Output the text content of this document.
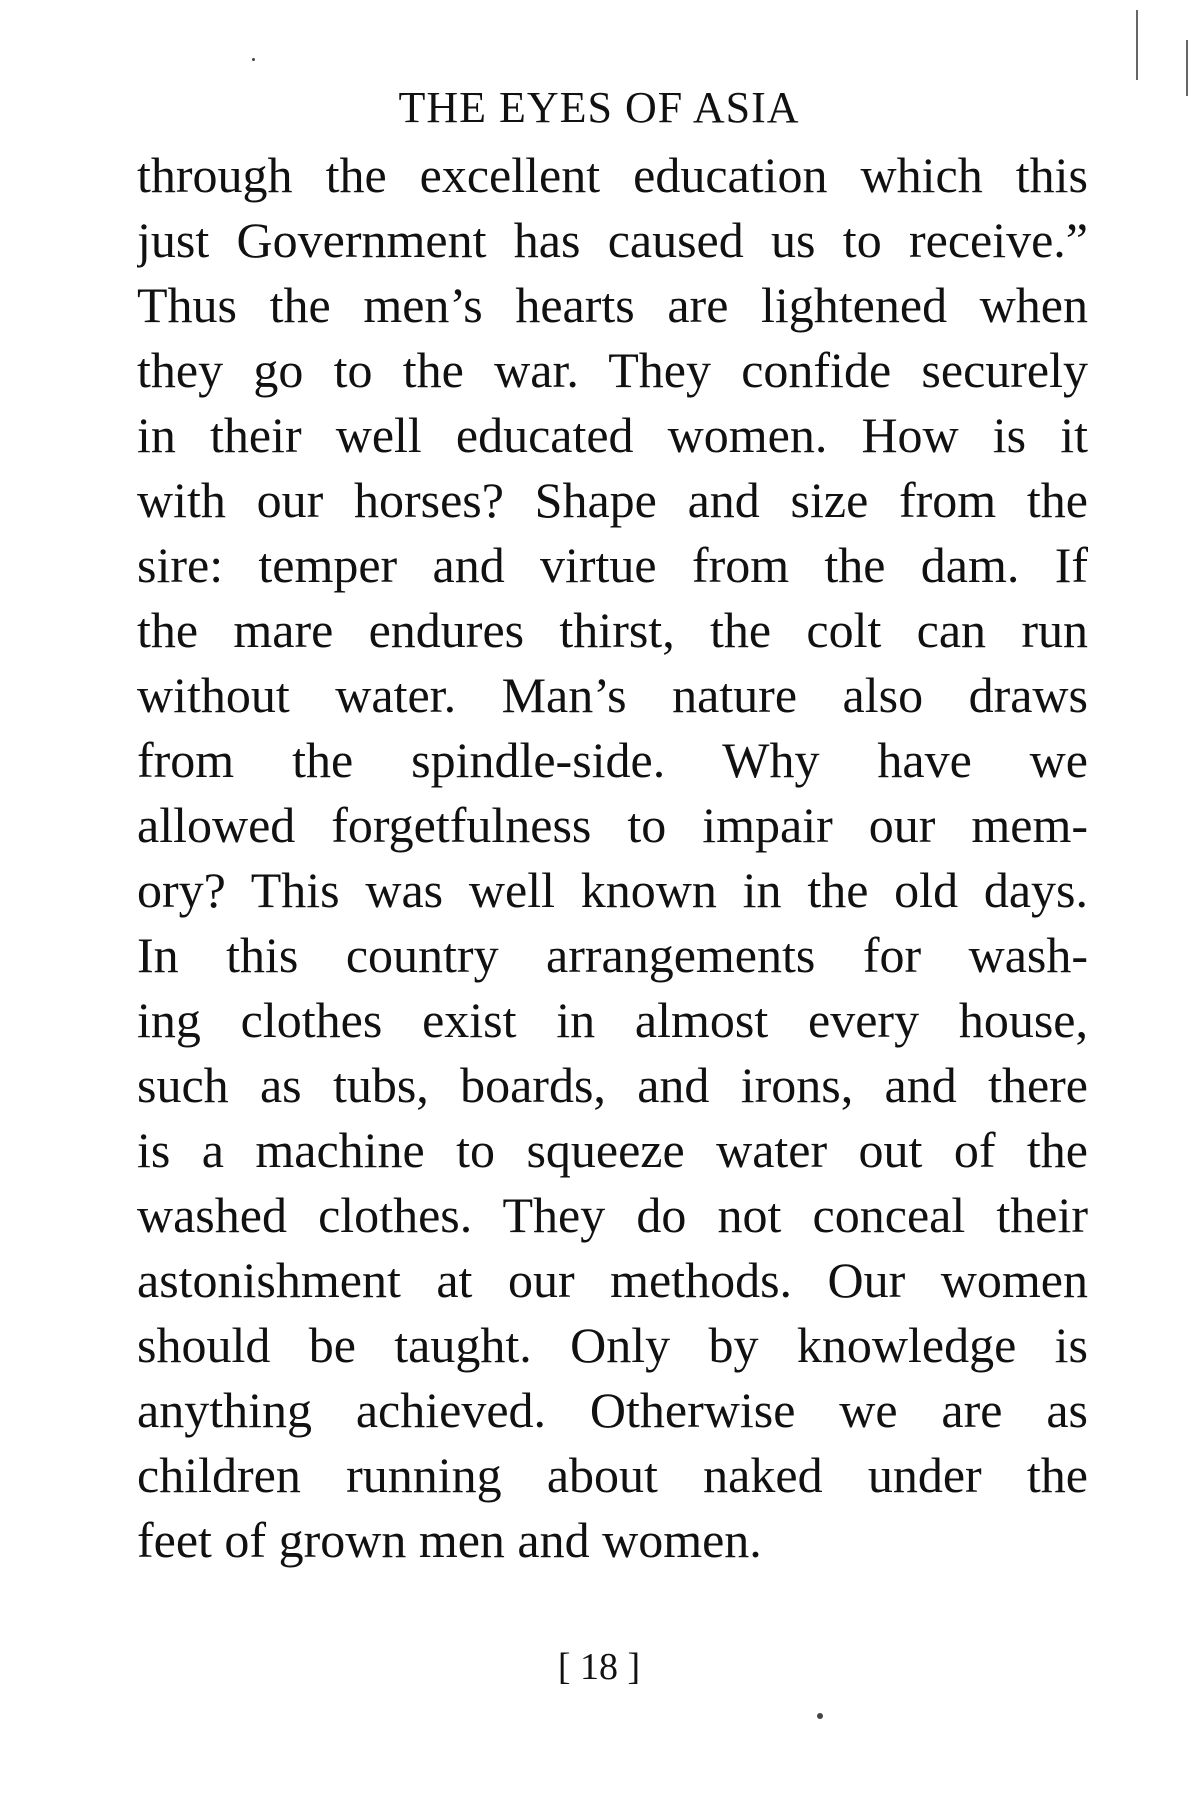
THE EYES OF ASIA
through the excellent education which this
just Government has caused us to receive.”
Thus the men’s hearts are lightened when
they go to the war. They confide securely
in their well educated women. How is it
with our horses? Shape and size from the
sire: temper and virtue from the dam. If
the mare endures thirst, the colt can run
without water. Man’s nature also draws
from the spindle-side. Why have we
allowed forgetfulness to impair our mem-
ory? This was well known in the old days.
In this country arrangements for wash-
ing clothes exist in almost every house,
such as tubs, boards, and irons, and there
is a machine to squeeze water out of the
washed clothes. They do not conceal their
astonishment at our methods. Our women
should be taught. Only by knowledge is
anything achieved. Otherwise we are as
children running about naked under the
feet of grown men and women.
[ 18 ]
